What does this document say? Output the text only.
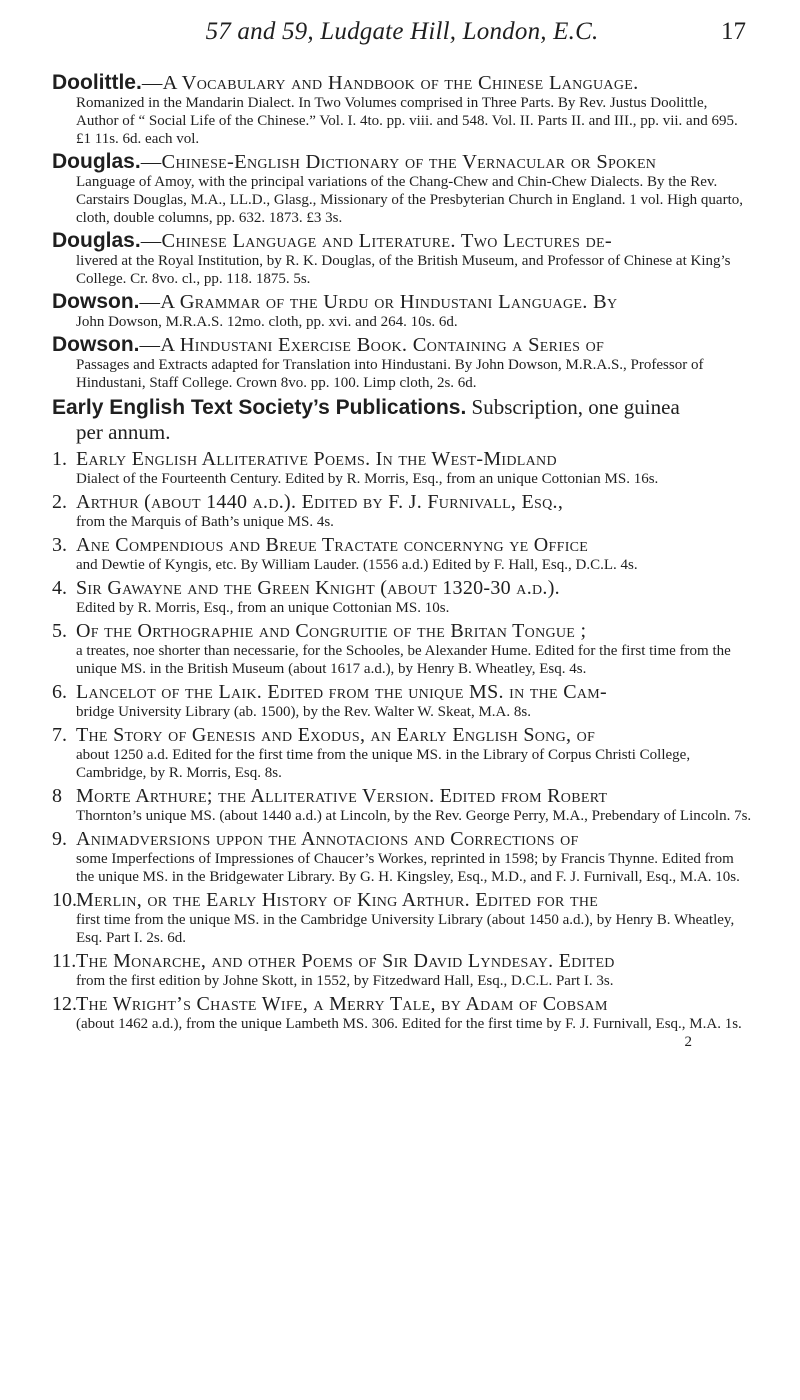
57 and 59, Ludgate Hill, London, E.C.	17
Doolittle.—A Vocabulary and Handbook of the Chinese Language.
Romanized in the Mandarin Dialect. In Two Volumes comprised in Three Parts. By Rev. Justus Doolittle, Author of “ Social Life of the Chinese.” Vol. I. 4to. pp. viii. and 548. Vol. II. Parts II. and III., pp. vii. and 695. £1 11s. 6d. each vol.
Douglas.—Chinese-English Dictionary of the Vernacular or Spoken
Language of Amoy, with the principal variations of the Chang-Chew and Chin-Chew Dialects. By the Rev. Carstairs Douglas, M.A., LL.D., Glasg., Missionary of the Presbyterian Church in England. 1 vol. High quarto, cloth, double columns, pp. 632. 1873. £3 3s.
Douglas.—Chinese Language and Literature. Two Lectures de-
livered at the Royal Institution, by R. K. Douglas, of the British Museum, and Professor of Chinese at King’s College. Cr. 8vo. cl., pp. 118. 1875. 5s.
Dowson.—A Grammar of the Urdu or Hindustani Language. By
John Dowson, M.R.A.S. 12mo. cloth, pp. xvi. and 264. 10s. 6d.
Dowson.—A Hindustani Exercise Book. Containing a Series of
Passages and Extracts adapted for Translation into Hindustani. By John Dowson, M.R.A.S., Professor of Hindustani, Staff College. Crown 8vo. pp. 100. Limp cloth, 2s. 6d.
Early English Text Society’s Publications. Subscription, one guinea
per annum.
1. Early English Alliterative Poems. In the West-Midland
Dialect of the Fourteenth Century. Edited by R. Morris, Esq., from an unique Cottonian MS. 16s.
2. Arthur (about 1440 a.d.). Edited by F. J. Furnivall, Esq.,
from the Marquis of Bath’s unique MS. 4s.
3. Ane Compendious and Breue Tractate concernyng ye Office
and Dewtie of Kyngis, etc. By William Lauder. (1556 a.d.) Edited by F. Hall, Esq., D.C.L. 4s.
4. Sir Gawayne and the Green Knight (about 1320-30 a.d.).
Edited by R. Morris, Esq., from an unique Cottonian MS. 10s.
5. Of the Orthographie and Congruitie of the Britan Tongue ;
a treates, noe shorter than necessarie, for the Schooles, be Alexander Hume. Edited for the first time from the unique MS. in the British Museum (about 1617 a.d.), by Henry B. Wheatley, Esq. 4s.
6. Lancelot of the Laik. Edited from the unique MS. in the Cam-
bridge University Library (ab. 1500), by the Rev. Walter W. Skeat, M.A. 8s.
7. The Story of Genesis and Exodus, an Early English Song, of
about 1250 a.d. Edited for the first time from the unique MS. in the Library of Corpus Christi College, Cambridge, by R. Morris, Esq. 8s.
8 Morte Arthure; the Alliterative Version. Edited from Robert
Thornton’s unique MS. (about 1440 a.d.) at Lincoln, by the Rev. George Perry, M.A., Prebendary of Lincoln. 7s.
9. Animadversions uppon the Annotacions and Corrections of
some Imperfections of Impressiones of Chaucer’s Workes, reprinted in 1598; by Francis Thynne. Edited from the unique MS. in the Bridgewater Library. By G. H. Kingsley, Esq., M.D., and F. J. Furnivall, Esq., M.A. 10s.
10. Merlin, or the Early History of King Arthur. Edited for the
first time from the unique MS. in the Cambridge University Library (about 1450 a.d.), by Henry B. Wheatley, Esq. Part I. 2s. 6d.
11. The Monarche, and other Poems of Sir David Lyndesay. Edited
from the first edition by Johne Skott, in 1552, by Fitzedward Hall, Esq., D.C.L. Part I. 3s.
12. The Wright’s Chaste Wife, a Merry Tale, by Adam of Cobsam
(about 1462 a.d.), from the unique Lambeth MS. 306. Edited for the first time by F. J. Furnivall, Esq., M.A. 1s.
2
